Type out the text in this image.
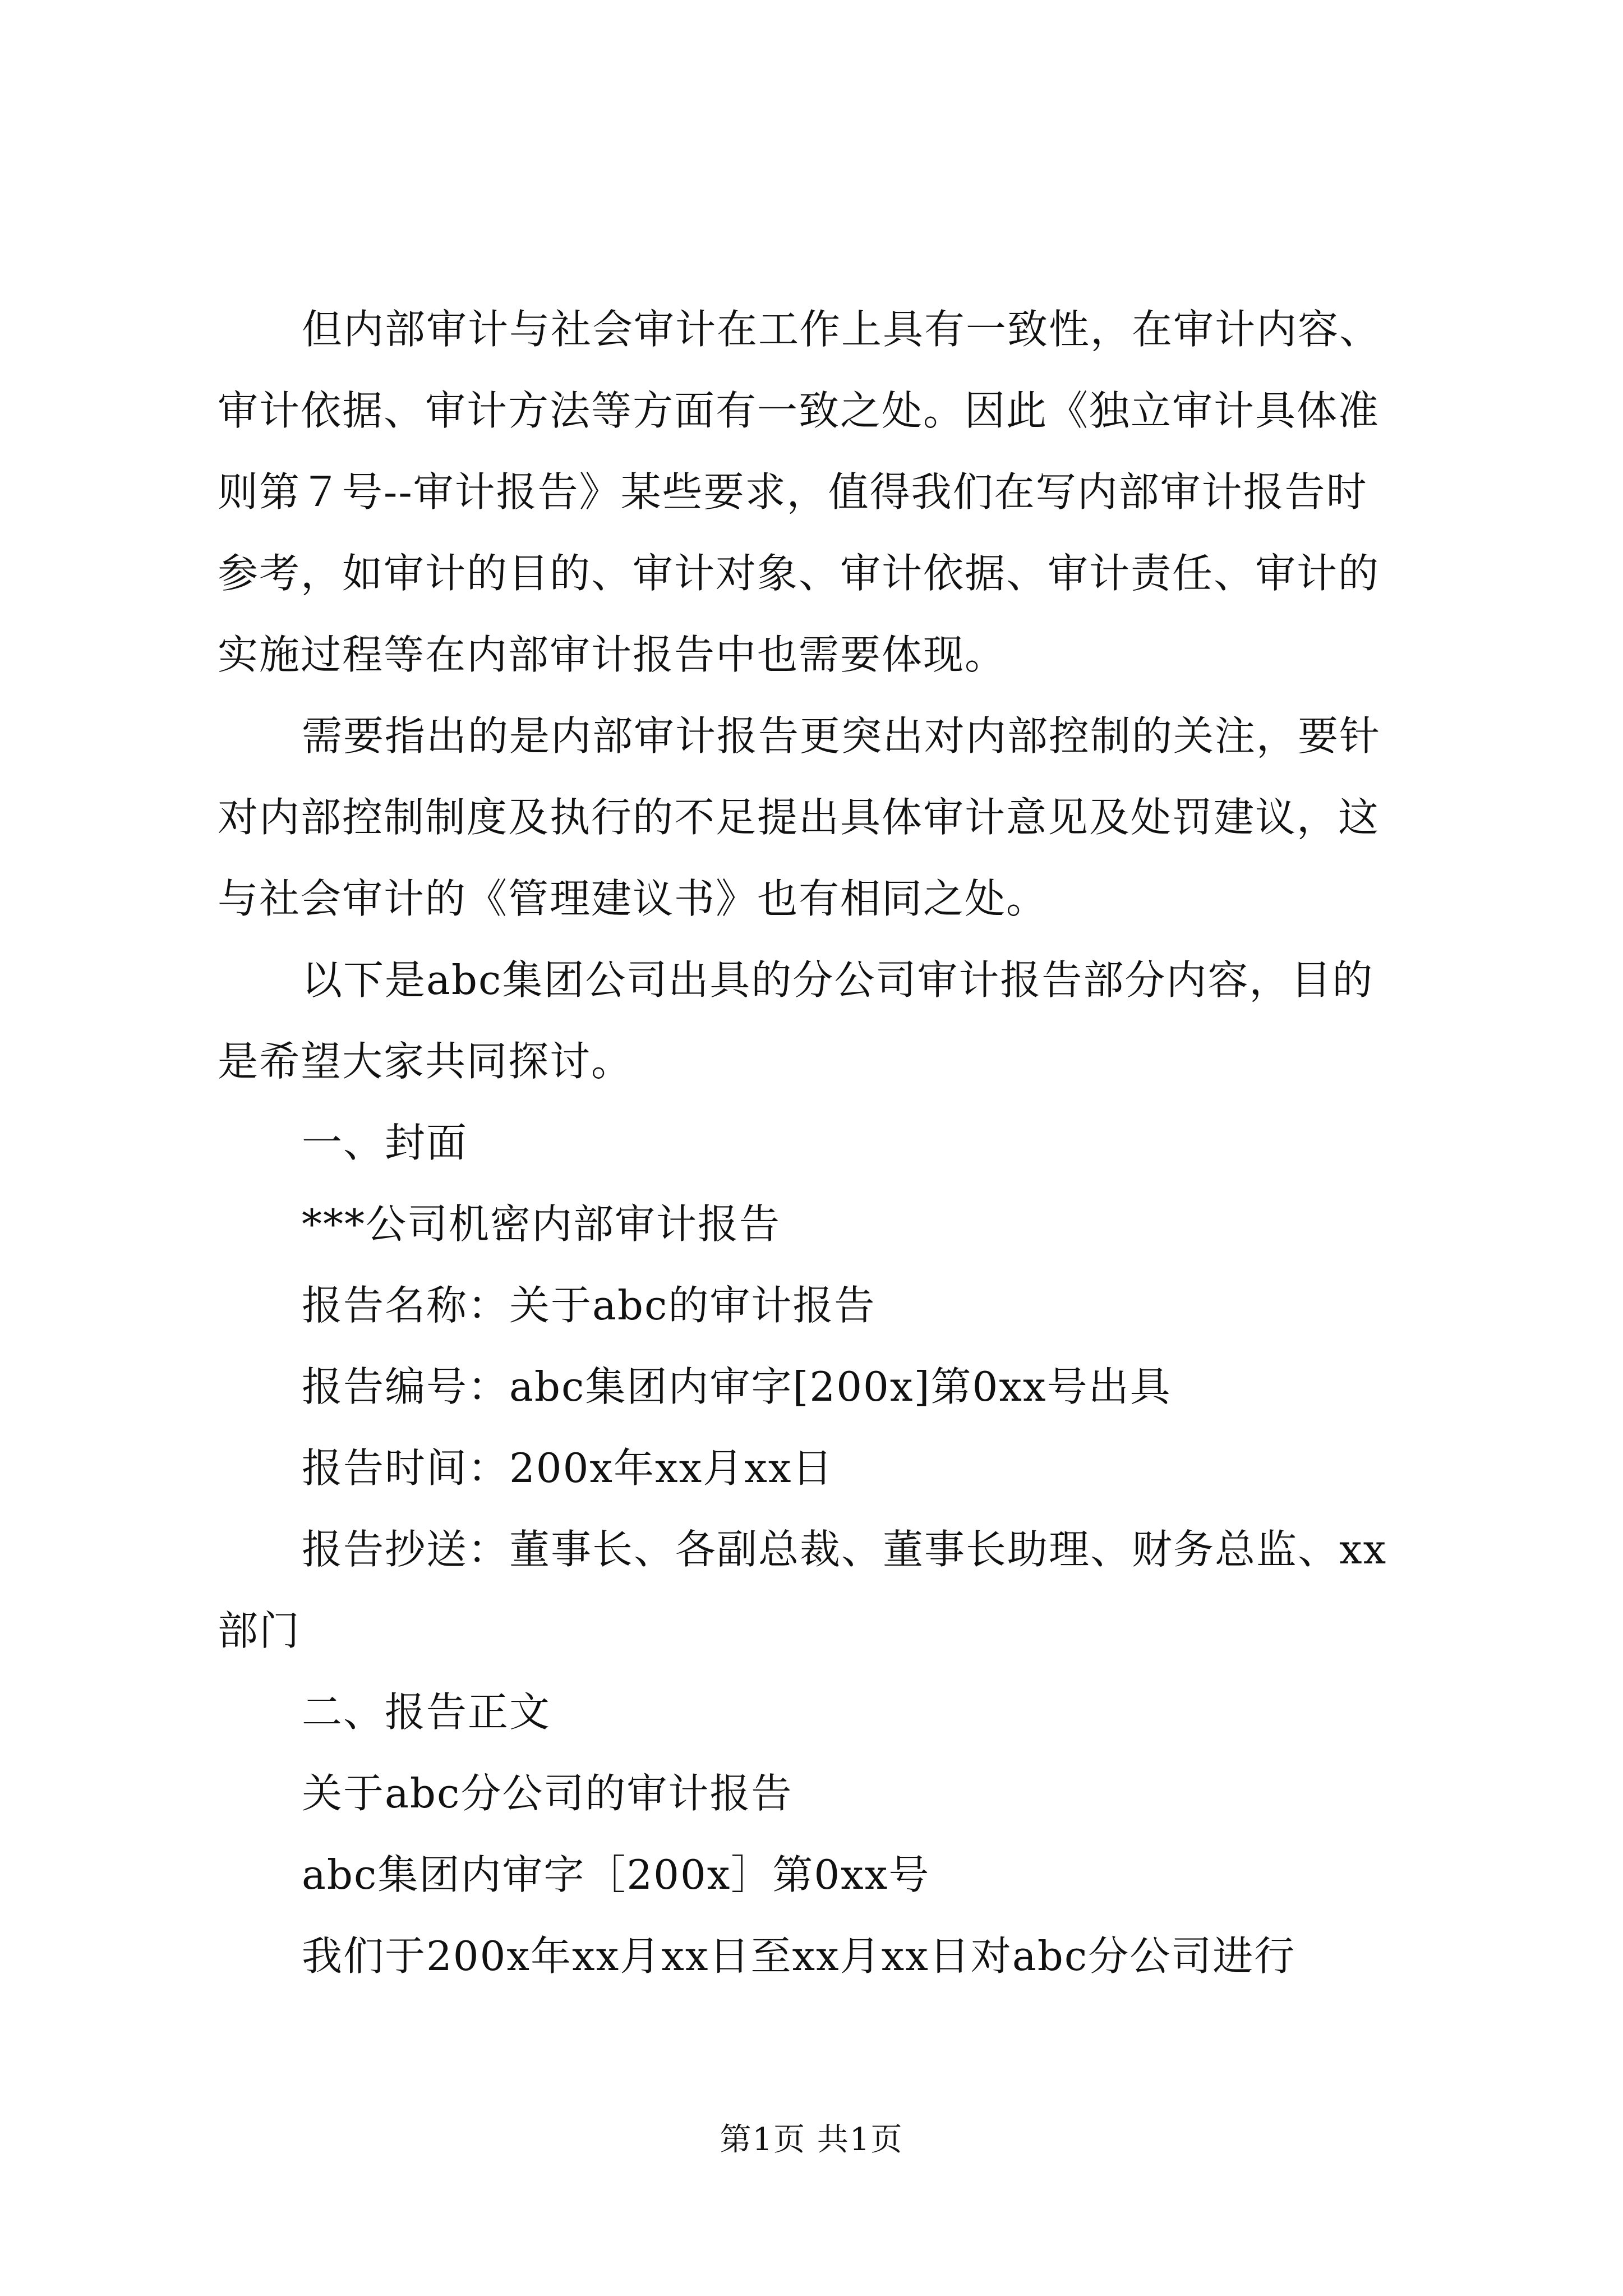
但内部审计与社会审计在工作上具有一致性，在审计内容、

审计依据、审计方法等方面有一致之处。因此《独立审计具体准

则第７号--审计报告》某些要求，值得我们在写内部审计报告时

参考，如审计的目的、审计对象、审计依据、审计责任、审计的

实施过程等在内部审计报告中也需要体现。

需要指出的是内部审计报告更突出对内部控制的关注，要针

对内部控制制度及执行的不足提出具体审计意见及处罚建议，这

与社会审计的《管理建议书》也有相同之处。

以下是abc集团公司出具的分公司审计报告部分内容，目的

是希望大家共同探讨。

一、封面

***公司机密内部审计报告

报告名称：关于abc的审计报告

报告编号：abc集团内审字[200x]第0xx号出具

报告时间：200x年xx月xx日

报告抄送：董事长、各副总裁、董事长助理、财务总监、xx

部门

二、报告正文

关于abc分公司的审计报告

abc集团内审字［200x］第0xx号

我们于200x年xx月xx日至xx月xx日对abc分公司进行

第1页 共1页
